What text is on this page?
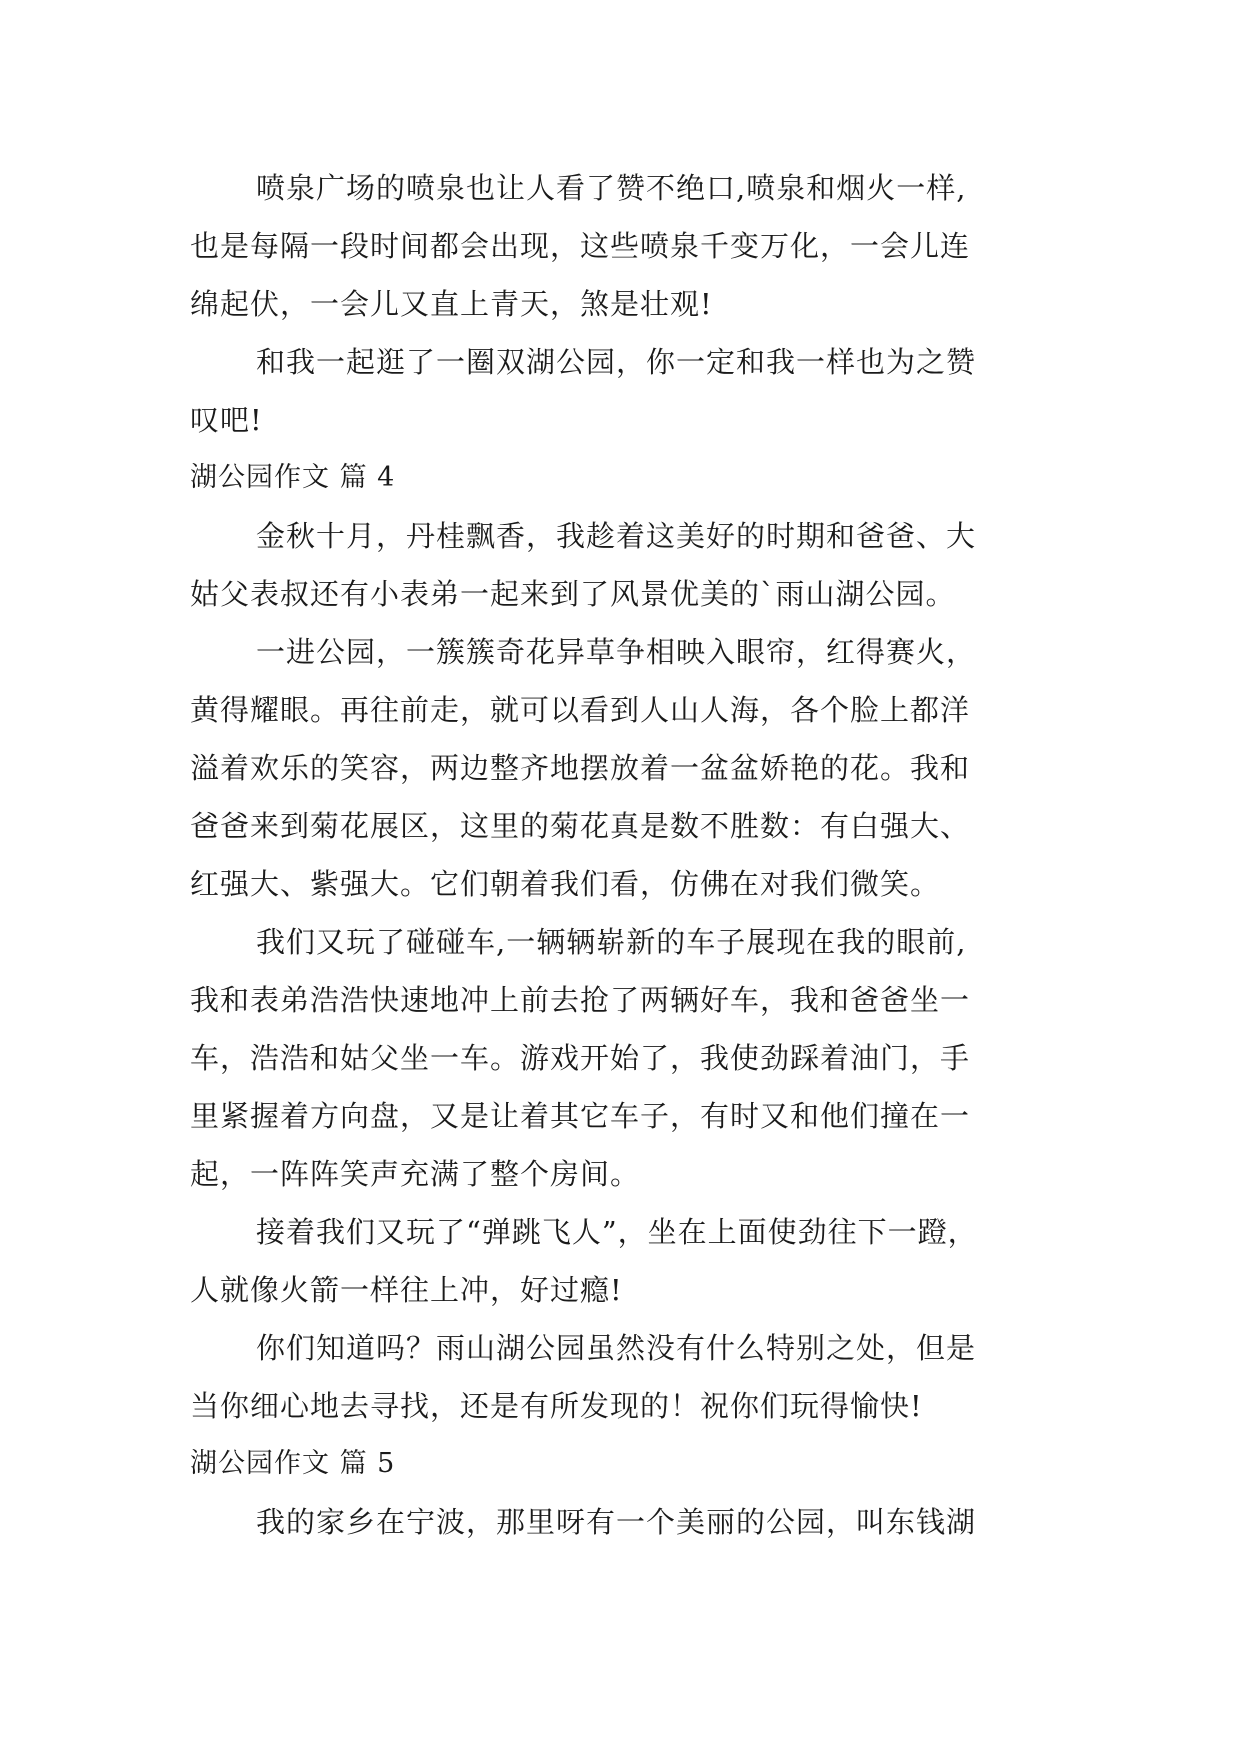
喷泉广场的喷泉也让人看了赞不绝口,喷泉和烟火一样,
也是每隔一段时间都会出现，这些喷泉千变万化，一会儿连
绵起伏，一会儿又直上青天，煞是壮观!
和我一起逛了一圈双湖公园，你一定和我一样也为之赞
叹吧!
湖公园作文 篇 4
金秋十月，丹桂飘香，我趁着这美好的时期和爸爸、大
姑父表叔还有小表弟一起来到了风景优美的`雨山湖公园。
一进公园，一簇簇奇花异草争相映入眼帘，红得赛火，
黄得耀眼。再往前走，就可以看到人山人海，各个脸上都洋
溢着欢乐的笑容，两边整齐地摆放着一盆盆娇艳的花。我和
爸爸来到菊花展区，这里的菊花真是数不胜数：有白强大、
红强大、紫强大。它们朝着我们看，仿佛在对我们微笑。
我们又玩了碰碰车,一辆辆崭新的车子展现在我的眼前,
我和表弟浩浩快速地冲上前去抢了两辆好车，我和爸爸坐一
车，浩浩和姑父坐一车。游戏开始了，我使劲踩着油门，手
里紧握着方向盘，又是让着其它车子，有时又和他们撞在一
起，一阵阵笑声充满了整个房间。
接着我们又玩了“弹跳飞人”，坐在上面使劲往下一蹬，
人就像火箭一样往上冲，好过瘾!
你们知道吗？雨山湖公园虽然没有什么特别之处，但是
当你细心地去寻找，还是有所发现的！祝你们玩得愉快!
湖公园作文 篇 5
我的家乡在宁波，那里呀有一个美丽的公园，叫东钱湖
